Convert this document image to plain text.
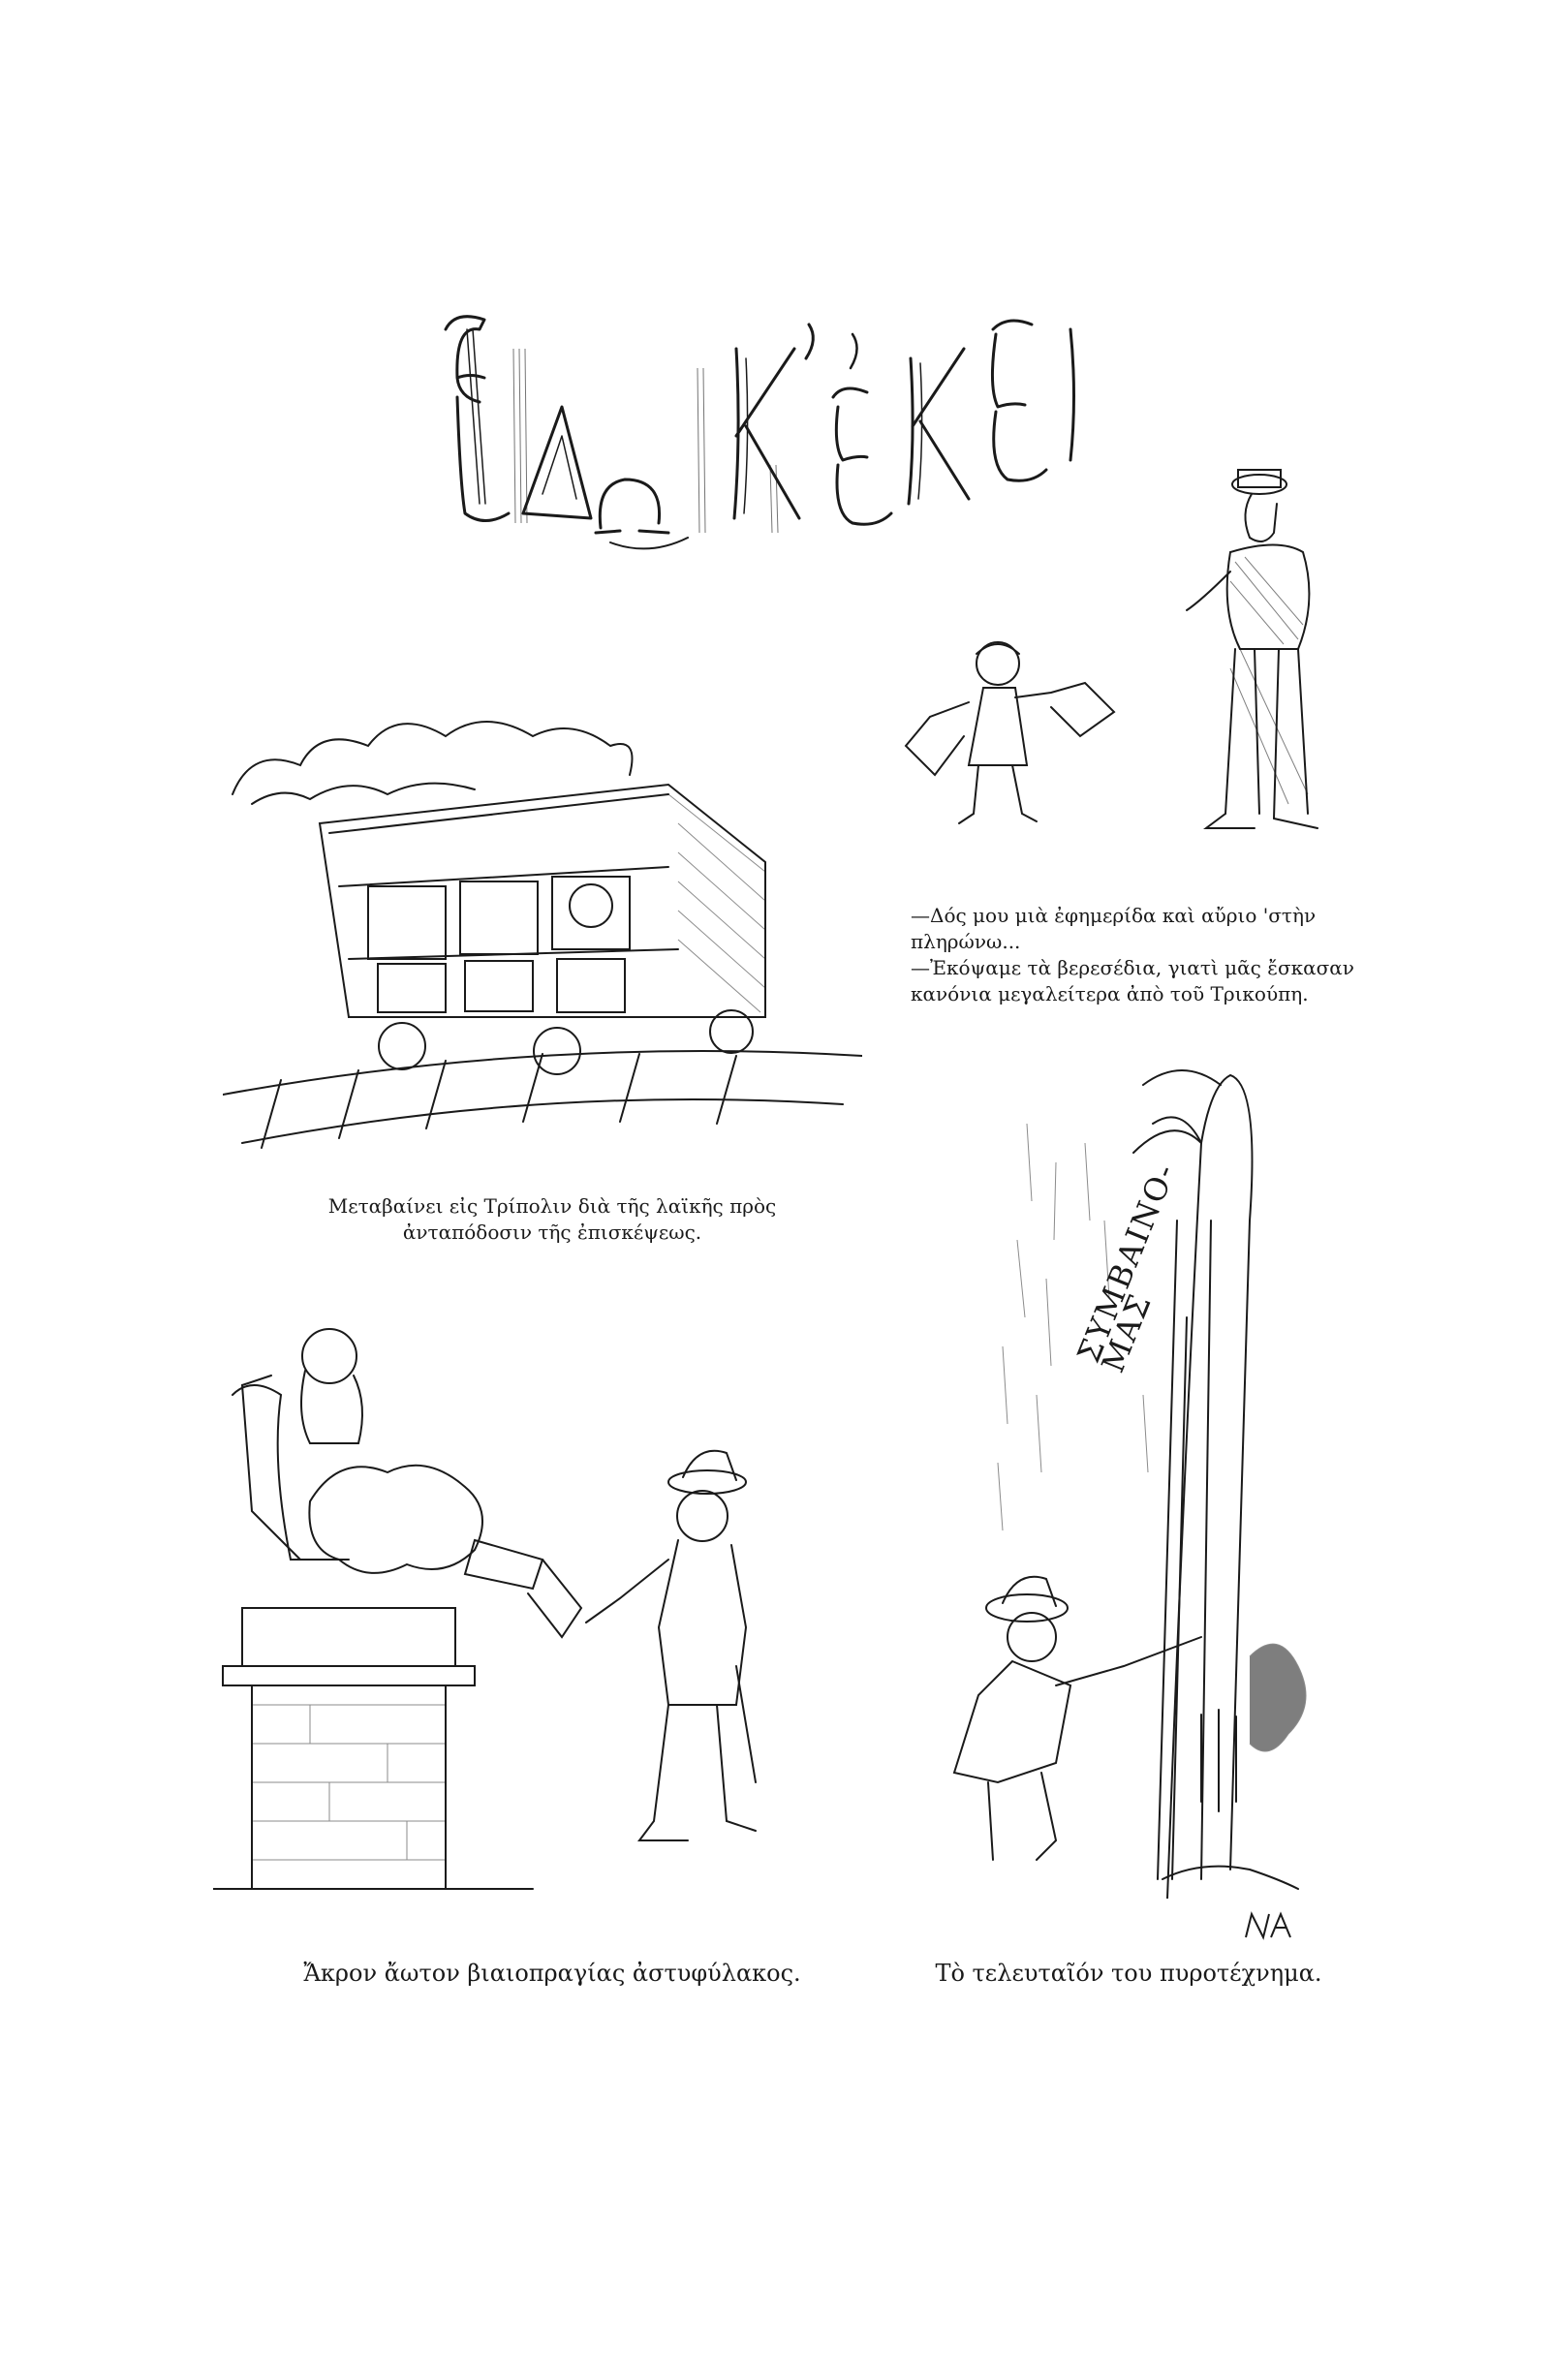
—Δός μου μιὰ ἐφημερίδα καὶ αὔριο 'στὴν πληρώνω...
—Ἐκόψαμε τὰ βερεσέδια, γιατὶ μᾶς ἔσκασαν κανόνια μεγαλείτερα ἀπὸ τοῦ Τρικούπη.
Μεταβαίνει εἰς Τρίπολιν διὰ τῆς λαϊκῆς πρὸς ἀνταπόδοσιν τῆς ἐπισκέψεως.	ΣΥΜΒΑΙΝΟ-ΜΑΣ
Ἄκρον ἄωτον βιαιοπραγίας ἀστυφύλακος.	Τὸ τελευταῖόν του πυροτέχνημα.
